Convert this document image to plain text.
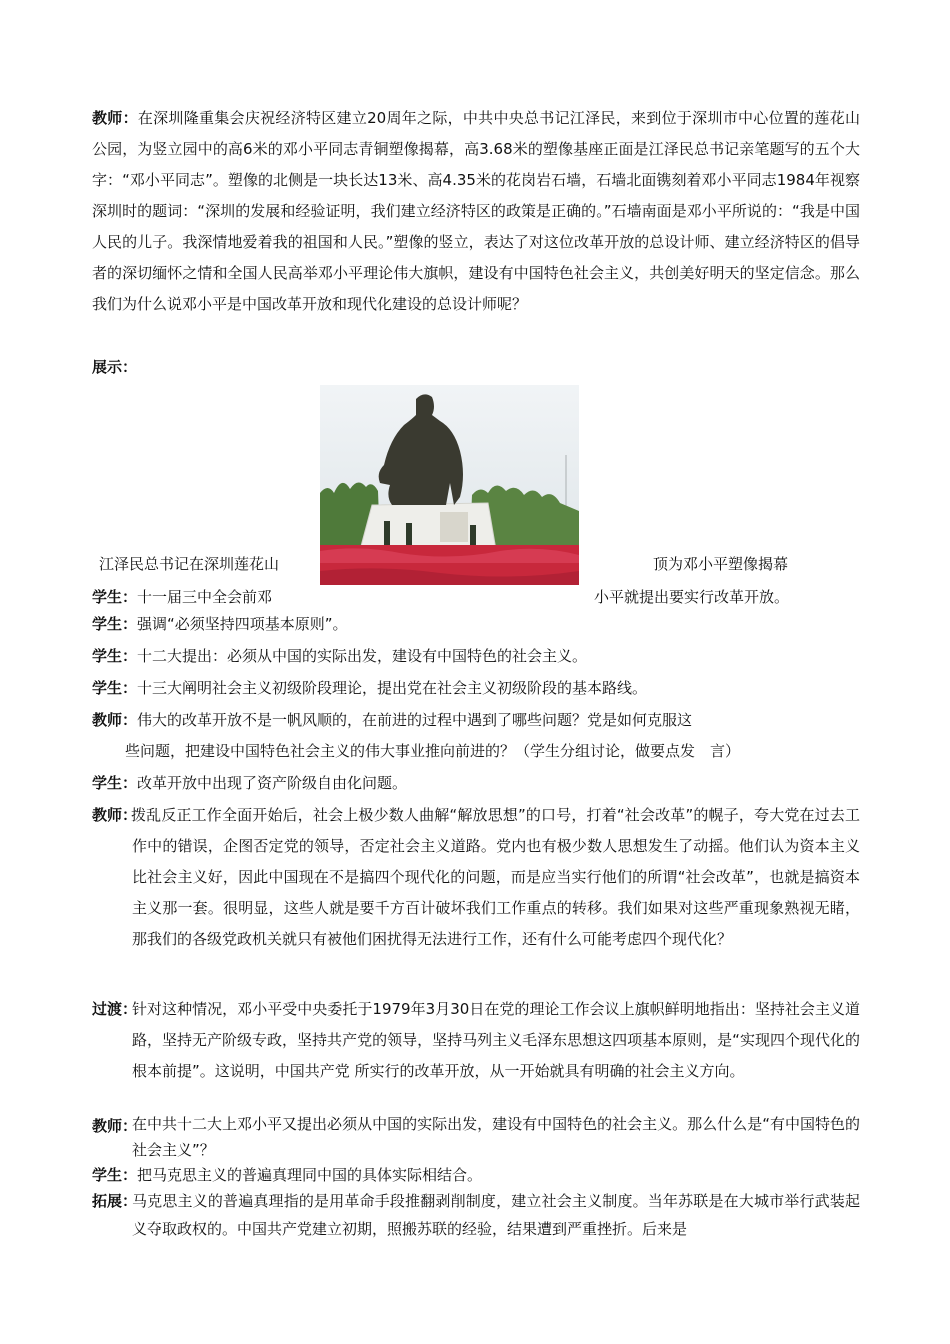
教师：在深圳隆重集会庆祝经济特区建立20周年之际，中共中央总书记江泽民，来到位于深圳市中心位置的莲花山公园，为竖立园中的高6米的邓小平同志青铜塑像揭幕，高3.68米的塑像基座正面是江泽民总书记亲笔题写的五个大字：“邓小平同志”。塑像的北侧是一块长达13米、高4.35米的花岗岩石墙，石墙北面镌刻着邓小平同志1984年视察深圳时的题词：“深圳的发展和经验证明，我们建立经济特区的政策是正确的。”石墙南面是邓小平所说的：“我是中国人民的儿子。我深情地爱着我的祖国和人民。”塑像的竖立，表达了对这位改革开放的总设计师、建立经济特区的倡导者的深切缅怀之情和全国人民高举邓小平理论伟大旗帜，建设有中国特色社会主义，共创美好明天的坚定信念。那么我们为什么说邓小平是中国改革开放和现代化建设的总设计师呢？
展示：
江泽民总书记在深圳莲花山	顶为邓小平塑像揭幕
学生：十一届三中全会前邓	小平就提出要实行改革开放。
学生：强调“必须坚持四项基本原则”。
学生：十二大提出：必须从中国的实际出发，建设有中国特色的社会主义。
学生：十三大阐明社会主义初级阶段理论，提出党在社会主义初级阶段的基本路线。
教师：伟大的改革开放不是一帆风顺的，在前进的过程中遇到了哪些问题？党是如何克服这
些问题，把建设中国特色社会主义的伟大事业推向前进的？（学生分组讨论，做要点发　言）
学生：改革开放中出现了资产阶级自由化问题。
教师：
拨乱反正工作全面开始后，社会上极少数人曲解“解放思想”的口号，打着“社会改革”的幌子，夸大党在过去工作中的错误，企图否定党的领导，否定社会主义道路。党内也有极少数人思想发生了动摇。他们认为资本主义比社会主义好，因此中国现在不是搞四个现代化的问题，而是应当实行他们的所谓“社会改革”，也就是搞资本主义那一套。很明显，这些人就是要千方百计破坏我们工作重点的转移。我们如果对这些严重现象熟视无睹，那我们的各级党政机关就只有被他们困扰得无法进行工作，还有什么可能考虑四个现代化？
过渡：
针对这种情况，邓小平受中央委托于1979年3月30日在党的理论工作会议上旗帜鲜明地指出：坚持社会主义道路，坚持无产阶级专政，坚持共产党的领导，坚持马列主义毛泽东思想这四项基本原则，是“实现四个现代化的根本前提”。这说明，中国共产党 所实行的改革开放，从一开始就具有明确的社会主义方向。
教师：
在中共十二大上邓小平又提出必须从中国的实际出发，建设有中国特色的社会主义。那么什么是“有中国特色的社会主义”？
学生：把马克思主义的普遍真理同中国的具体实际相结合。
拓展：
马克思主义的普遍真理指的是用革命手段推翻剥削制度，建立社会主义制度。当年苏联是在大城市举行武装起义夺取政权的。中国共产党建立初期，照搬苏联的经验，结果遭到严重挫折。后来是
